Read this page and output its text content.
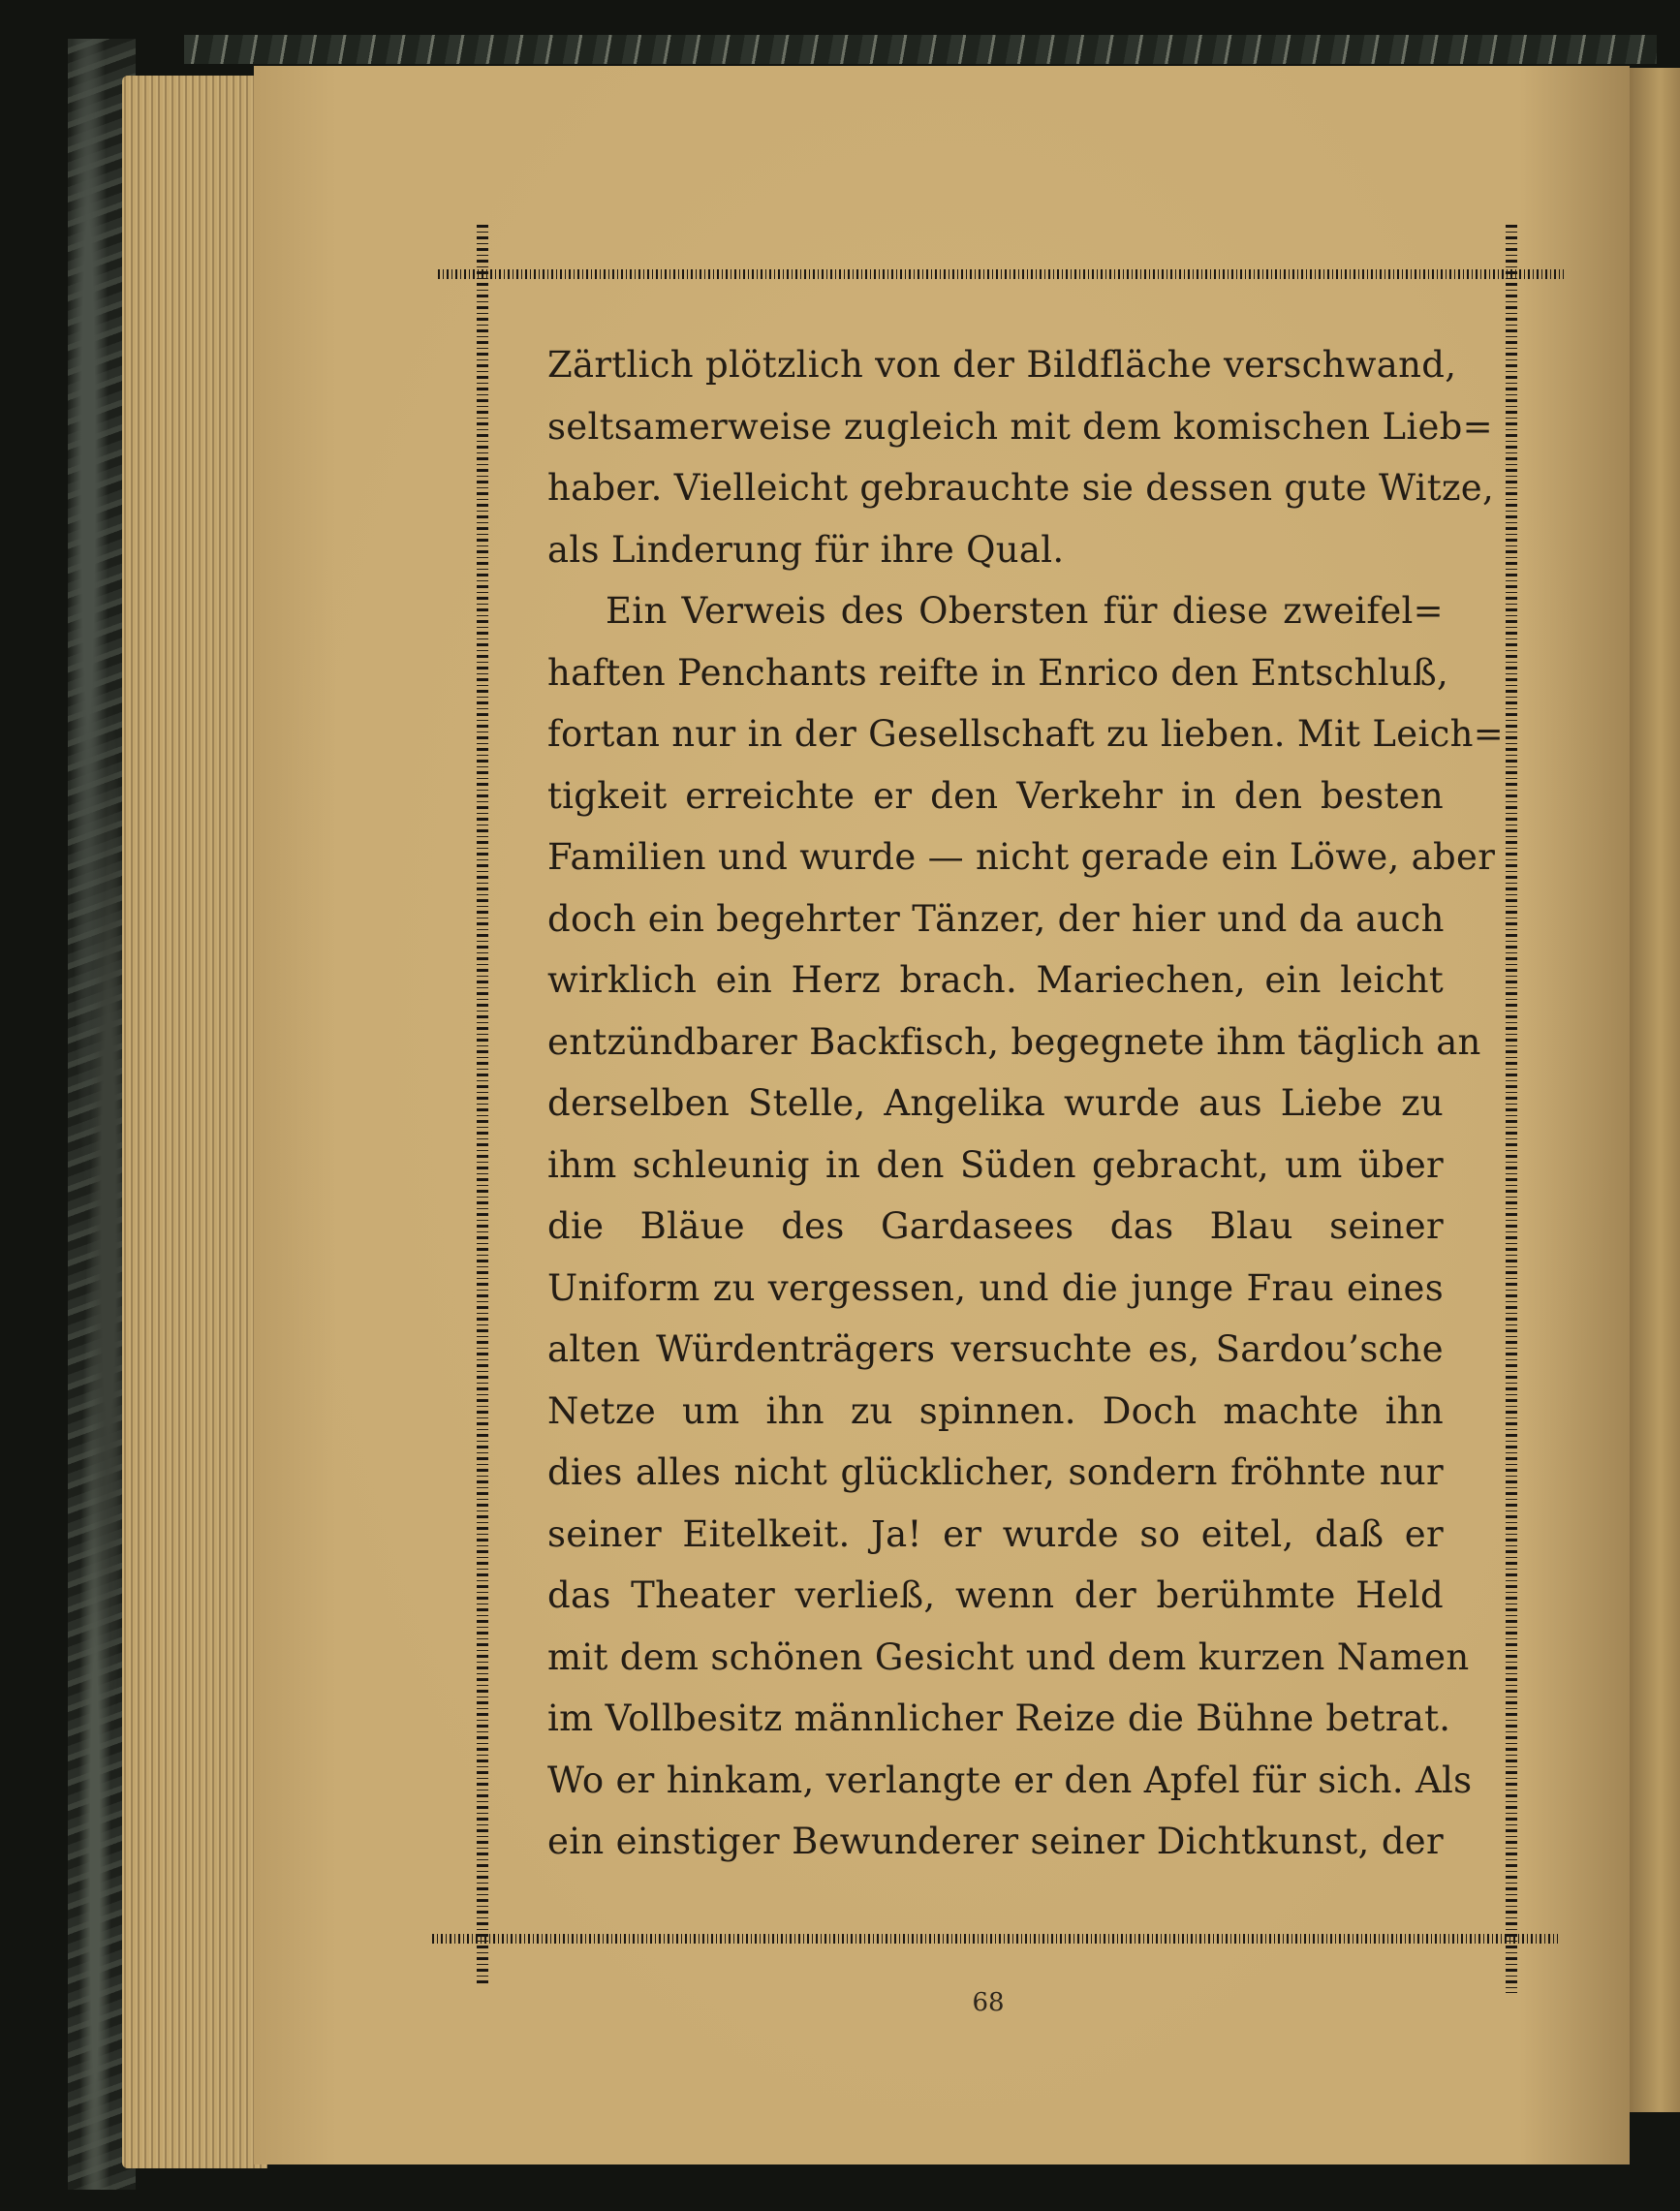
Zärtlich plötzlich von der Bildfläche verschwand,
seltsamerweise zugleich mit dem komischen Lieb=
haber. Vielleicht gebrauchte sie dessen gute Witze,
als Linderung für ihre Qual.
Ein Verweis des Obersten für diese zweifel=
haften Penchants reifte in Enrico den Entschluß,
fortan nur in der Gesellschaft zu lieben. Mit Leich=
tigkeit erreichte er den Verkehr in den besten
Familien und wurde — nicht gerade ein Löwe, aber
doch ein begehrter Tänzer, der hier und da auch
wirklich ein Herz brach. Mariechen, ein leicht
entzündbarer Backfisch, begegnete ihm täglich an
derselben Stelle, Angelika wurde aus Liebe zu
ihm schleunig in den Süden gebracht, um über
die Bläue des Gardasees das Blau seiner
Uniform zu vergessen, und die junge Frau eines
alten Würdenträgers versuchte es, Sardou’sche
Netze um ihn zu spinnen. Doch machte ihn
dies alles nicht glücklicher, sondern fröhnte nur
seiner Eitelkeit. Ja! er wurde so eitel, daß er
das Theater verließ, wenn der berühmte Held
mit dem schönen Gesicht und dem kurzen Namen
im Vollbesitz männlicher Reize die Bühne betrat.
Wo er hinkam, verlangte er den Apfel für sich. Als
ein einstiger Bewunderer seiner Dichtkunst, der
68
